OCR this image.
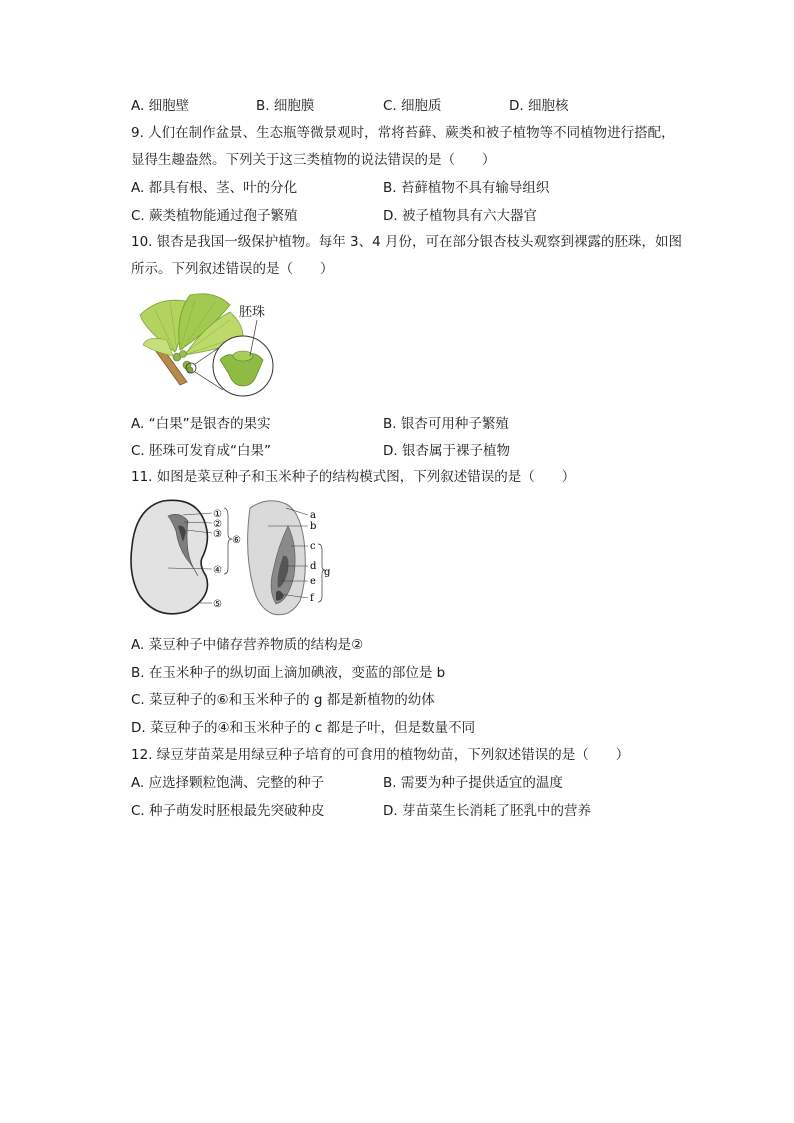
A. 细胞壁	B. 细胞膜	C. 细胞质	D. 细胞核
9. 人们在制作盆景、生态瓶等微景观时，常将苔藓、蕨类和被子植物等不同植物进行搭配，
显得生趣盎然。下列关于这三类植物的说法错误的是（　　）
A. 都具有根、茎、叶的分化	B. 苔藓植物不具有输导组织
C. 蕨类植物能通过孢子繁殖	D. 被子植物具有六大器官
10. 银杏是我国一级保护植物。每年 3、4 月份，可在部分银杏枝头观察到裸露的胚珠，如图
所示。下列叙述错误的是（　　）
胚珠
A. “白果”是银杏的果实	B. 银杏可用种子繁殖
C. 胚珠可发育成“白果”	D. 银杏属于裸子植物
11. 如图是菜豆种子和玉米种子的结构模式图，下列叙述错误的是（　　）
①
②
③
④
⑤
⑥
a
b
c
d
e
f
g
A. 菜豆种子中储存营养物质的结构是②
B. 在玉米种子的纵切面上滴加碘液，变蓝的部位是 b
C. 菜豆种子的⑥和玉米种子的 g 都是新植物的幼体
D. 菜豆种子的④和玉米种子的 c 都是子叶，但是数量不同
12. 绿豆芽苗菜是用绿豆种子培育的可食用的植物幼苗，下列叙述错误的是（　　）
A. 应选择颗粒饱满、完整的种子	B. 需要为种子提供适宜的温度
C. 种子萌发时胚根最先突破种皮	D. 芽苗菜生长消耗了胚乳中的营养
